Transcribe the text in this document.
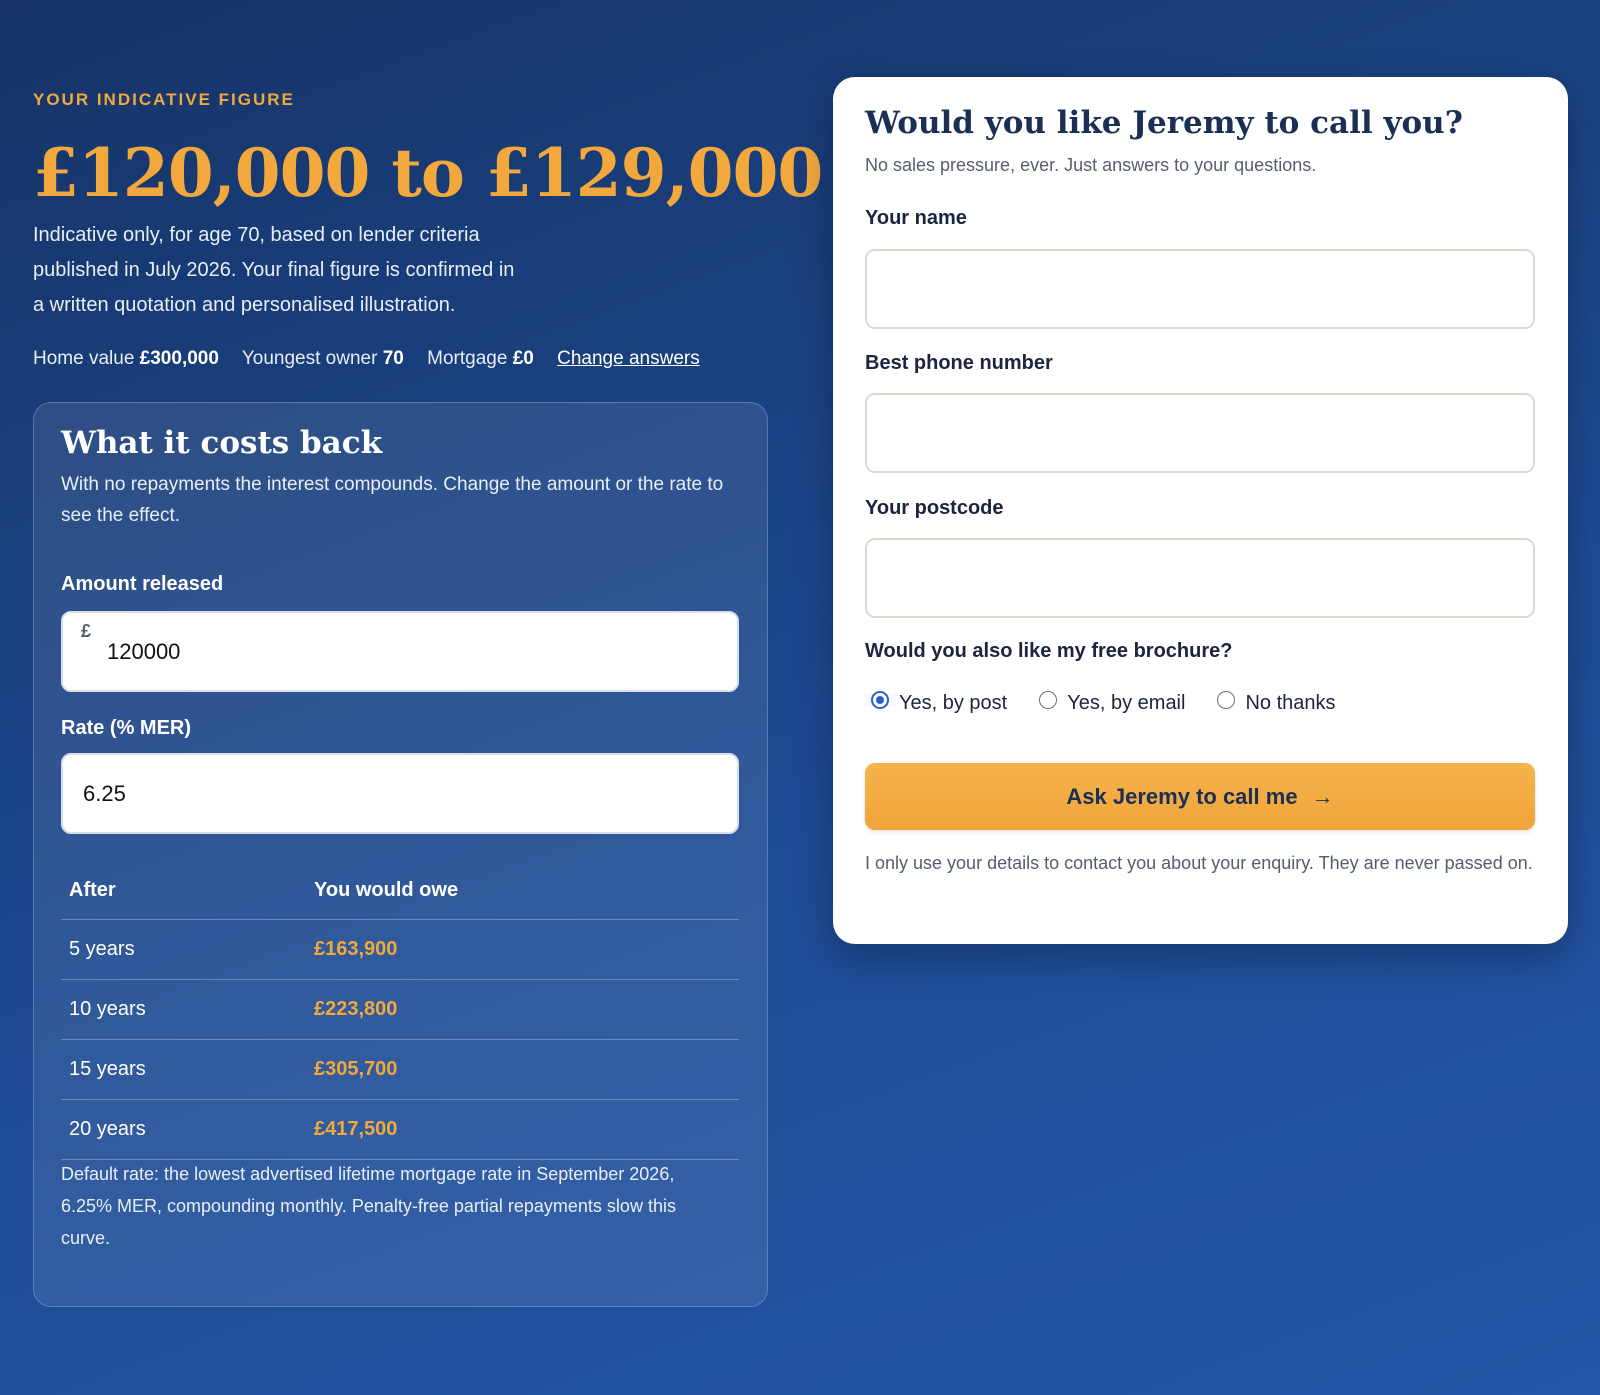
YOUR INDICATIVE FIGURE
£120,000 to £129,000
Indicative only, for age 70, based on lender criteria published in July 2026. Your final figure is confirmed in a written quotation and personalised illustration.
Home value £300,000 Youngest owner 70 Mortgage £0 Change answers
What it costs back
With no repayments the interest compounds. Change the amount or the rate to see the effect.
Amount released
£
120000
Rate (% MER)
6.25
After	You would owe
5 years	£163,900
10 years	£223,800
15 years	£305,700
20 years	£417,500
Default rate: the lowest advertised lifetime mortgage rate in September 2026, 6.25% MER, compounding monthly. Penalty-free partial repayments slow this curve.
Would you like Jeremy to call you?
No sales pressure, ever. Just answers to your questions.
Your name
Best phone number
Your postcode
Would you also like my free brochure?
Yes, by post	Yes, by email	No thanks
Ask Jeremy to call me →
I only use your details to contact you about your enquiry. They are never passed on.
